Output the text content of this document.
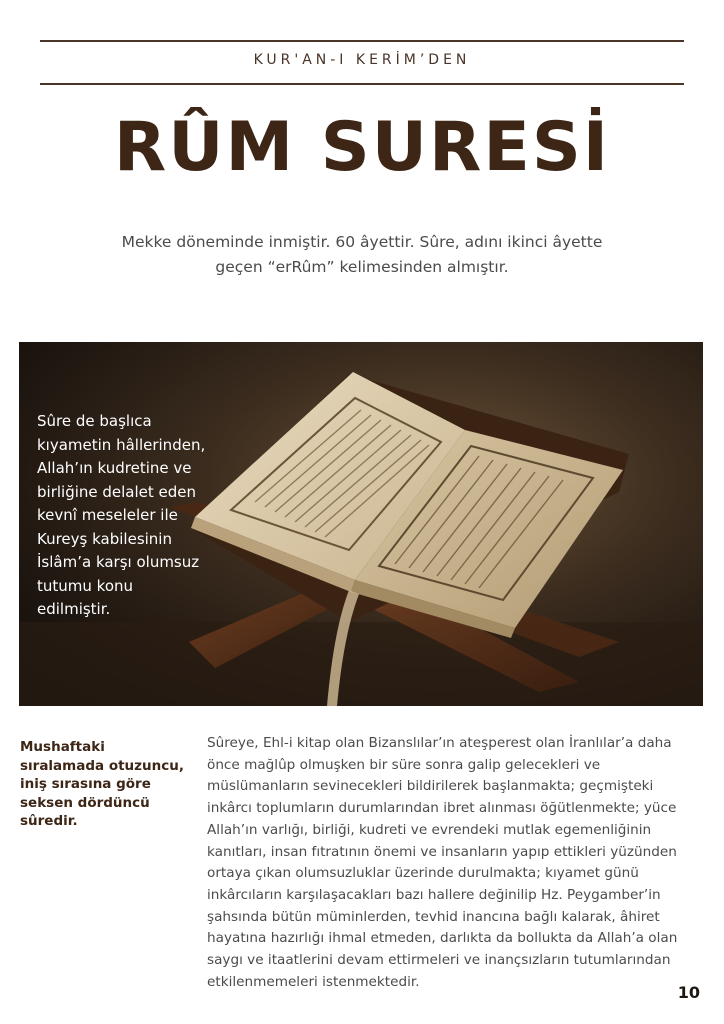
KUR'AN-I KERİM’DEN
RÛM SURESİ

Mekke döneminde inmiştir. 60 âyettir. Sûre, adını ikinci âyette geçen “erRûm” kelimesinden almıştır.

Sûre de başlıca kıyametin hâllerinden, Allah’ın kudretine ve birliğine delalet eden kevnî meseleler ile Kureyş kabilesinin İslâm’a karşı olumsuz tutumu konu edilmiştir.
Mushaftaki sıralamada otuzuncu, iniş sırasına göre seksen dördüncü sûredir.

Sûreye, Ehl-i kitap olan Bizanslılar’ın ateşperest olan İranlılar’a daha önce mağlûp olmuşken bir süre sonra galip gelecekleri ve müslümanların sevinecekleri bildirilerek başlanmakta; geçmişteki inkârcı toplumların durumlarından ibret alınması öğütlenmekte; yüce Allah’ın varlığı, birliği, kudreti ve evrendeki mutlak egemenliğinin kanıtları, insan fıtratının önemi ve insanların yapıp ettikleri yüzünden ortaya çıkan olumsuzluklar üzerinde durulmakta; kıyamet günü inkârcıların karşılaşacakları bazı hallere değinilip Hz. Peygamber’in şahsında bütün müminlerden, tevhid inancına bağlı kalarak, âhiret hayatına hazırlığı ihmal etmeden, darlıkta da bollukta da Allah’a olan saygı ve itaatlerini devam ettirmeleri ve inançsızların tutumlarından etkilenmemeleri istenmektedir.

10
